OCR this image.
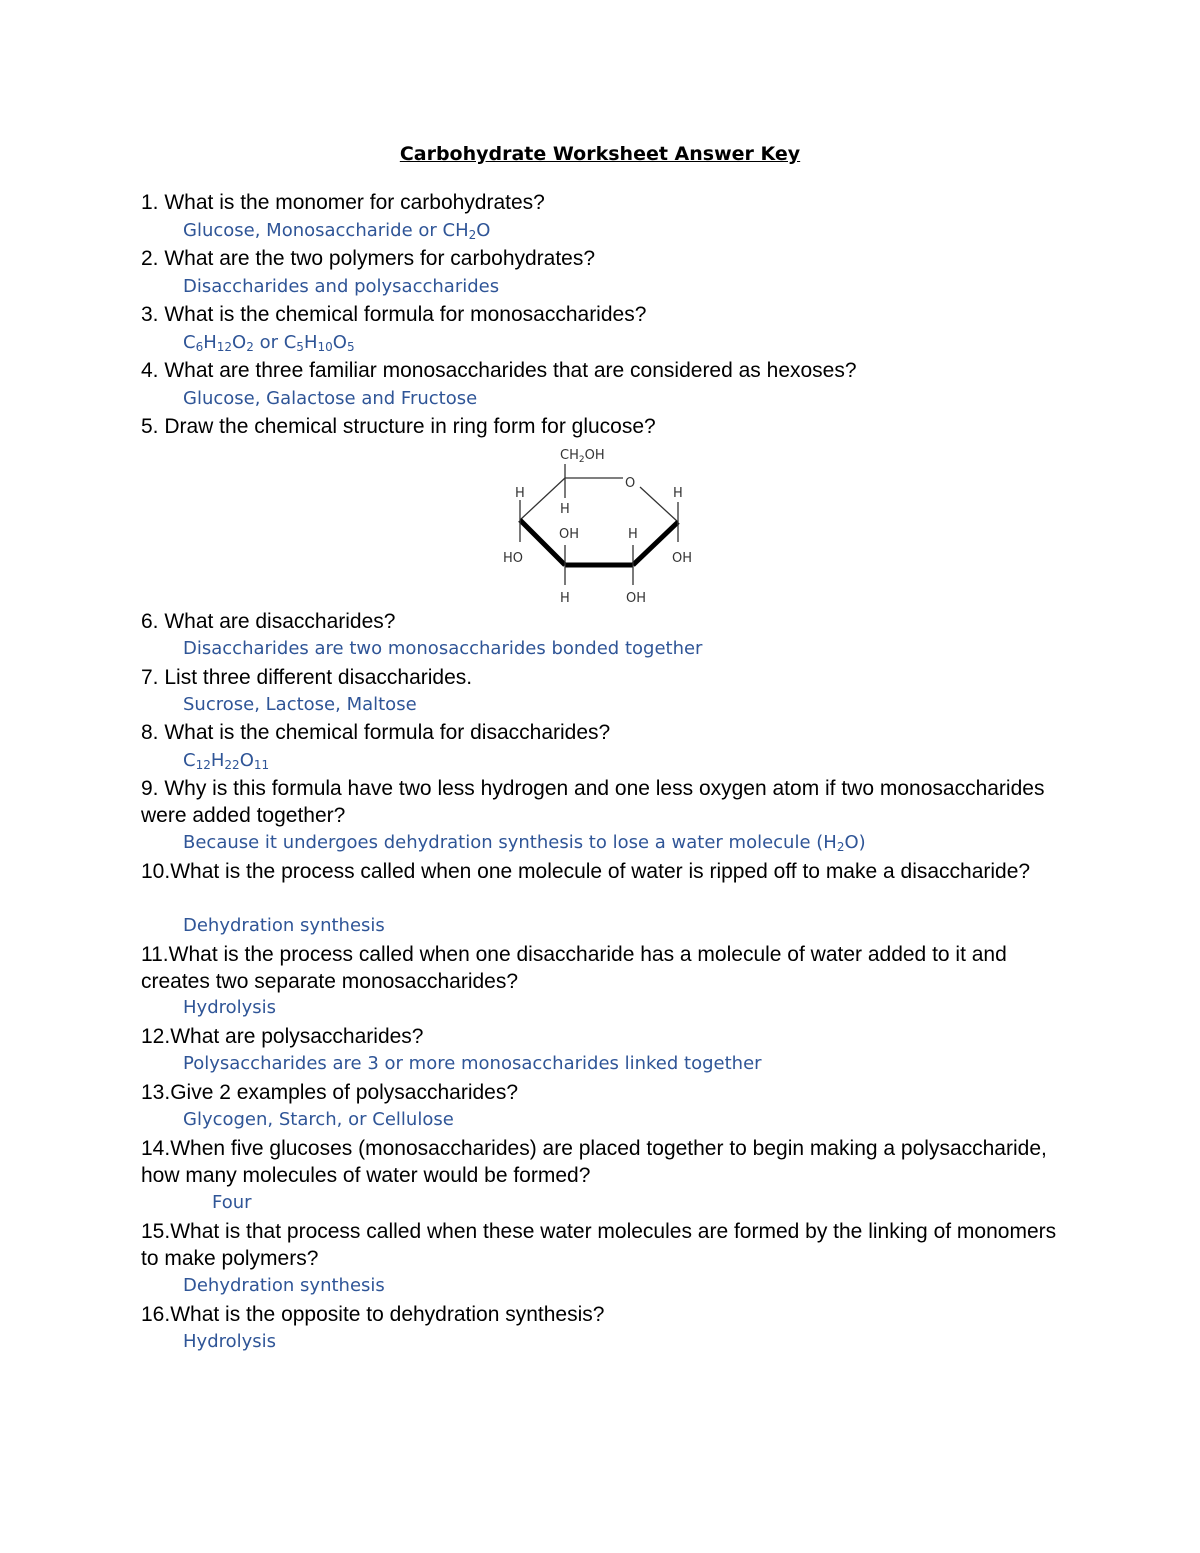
Carbohydrate Worksheet Answer Key
1. What is the monomer for carbohydrates?
Glucose, Monosaccharide or $CH_2O$
2. What are the two polymers for carbohydrates?
Disaccharides and polysaccharides
3. What is the chemical formula for monosaccharides?
$C_6H_{12}O_2$ or $C_5H_{10}O_5$
4. What are three familiar monosaccharides that are considered as hexoses?
Glucose, Galactose and Fructose
5. Draw the chemical structure in ring form for glucose?
$CH_2OH$
O
H
H
HO
H
OH
OH
H
H
OH
6. What are disaccharides?
Disaccharides are two monosaccharides bonded together
7. List three different disaccharides.
Sucrose, Lactose, Maltose
8. What is the chemical formula for disaccharides?
$C_{12}H_{22}O_{11}$
9. Why is this formula have two less hydrogen and one less oxygen atom if two monosaccharides were added together?
Because it undergoes dehydration synthesis to lose a water molecule $(H_2O)$
10.What is the process called when one molecule of water is ripped off to make a disaccharide?
Dehydration synthesis
11.What is the process called when one disaccharide has a molecule of water added to it and creates two separate monosaccharides?
Hydrolysis
12.What are polysaccharides?
Polysaccharides are 3 or more monosaccharides linked together
13.Give 2 examples of polysaccharides?
Glycogen, Starch, or Cellulose
14.When five glucoses (monosaccharides) are placed together to begin making a polysaccharide, how many molecules of water would be formed?
Four
15.What is that process called when these water molecules are formed by the linking of monomers to make polymers?
Dehydration synthesis
16.What is the opposite to dehydration synthesis?
Hydrolysis
